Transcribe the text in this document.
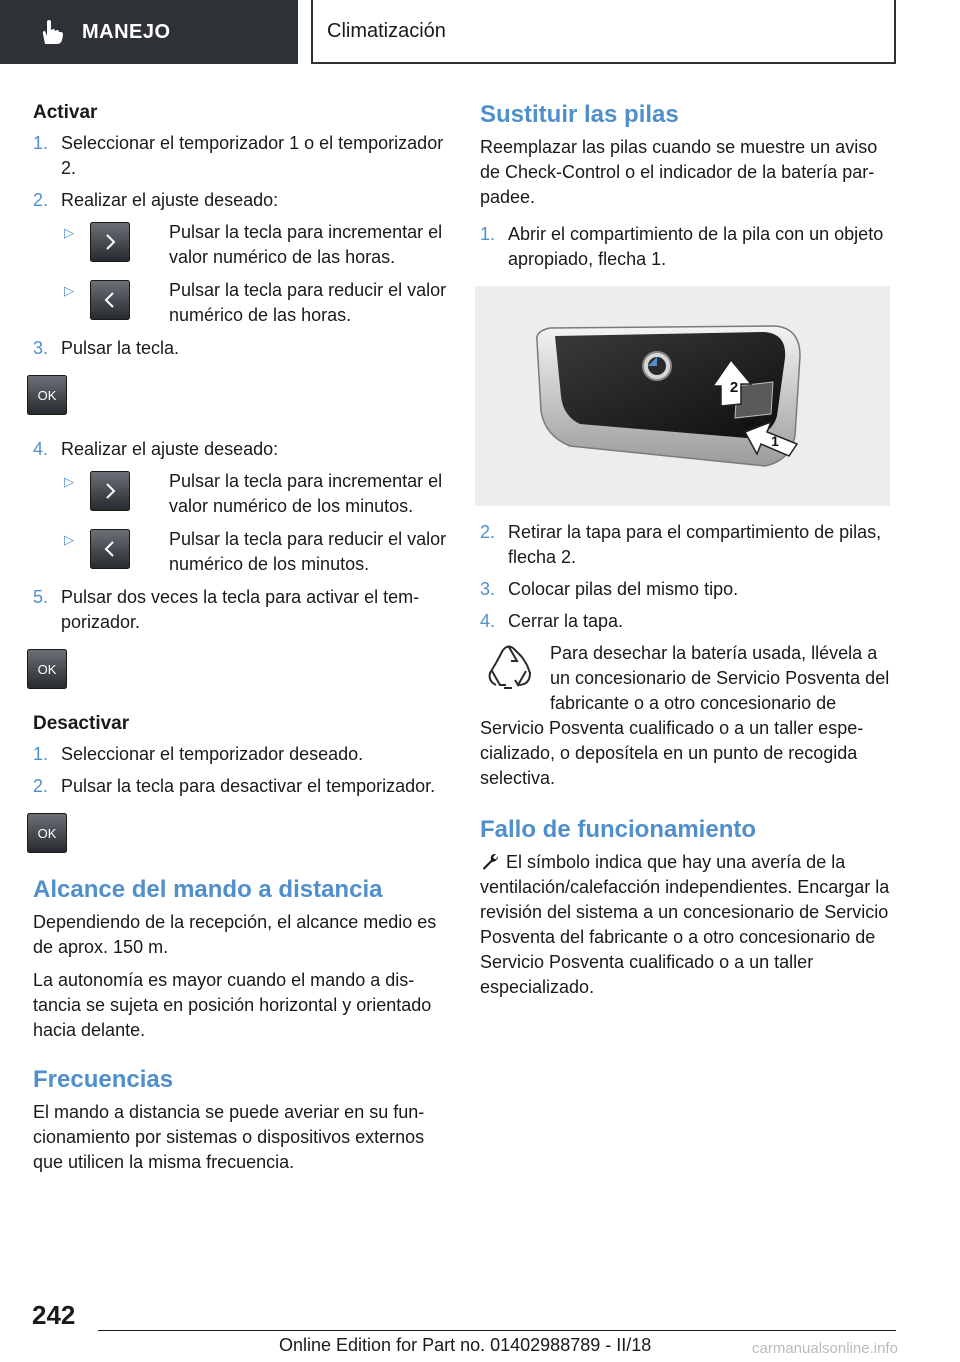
MANEJO	Climatización
Activar
1. Seleccionar el temporizador 1 o el temporizador 2.
2. Realizar el ajuste deseado:
▷	Pulsar la tecla para incrementar el valor numérico de las horas.
▷	Pulsar la tecla para reducir el valor numérico de las horas.
3. Pulsar la tecla.
OK
4. Realizar el ajuste deseado:
▷	Pulsar la tecla para incrementar el valor numérico de los minutos.
▷	Pulsar la tecla para reducir el valor numérico de los minutos.
5. Pulsar dos veces la tecla para activar el temporizador.
OK
Desactivar
1. Seleccionar el temporizador deseado.
2. Pulsar la tecla para desactivar el temporizador.
OK
Alcance del mando a distancia
Dependiendo de la recepción, el alcance medio es de aprox. 150 m.
La autonomía es mayor cuando el mando a distancia se sujeta en posición horizontal y orientado hacia delante.
Frecuencias
El mando a distancia se puede averiar en su funcionamiento por sistemas o dispositivos externos que utilicen la misma frecuencia.
Sustituir las pilas
Reemplazar las pilas cuando se muestre un aviso de Check-Control o el indicador de la batería parpadee.
1. Abrir el compartimiento de la pila con un objeto apropiado, flecha 1.
2
1
2. Retirar la tapa para el compartimiento de pilas, flecha 2.
3. Colocar pilas del mismo tipo.
4. Cerrar la tapa.
Para desechar la batería usada, llévela a un concesionario de Servicio Posventa del fabricante o a otro concesionario de Servicio Posventa cualificado o a un taller especializado, o deposítela en un punto de recogida selectiva.
Fallo de funcionamiento
El símbolo indica que hay una avería de la ventilación/calefacción independientes. Encargar la revisión del sistema a un concesionario de Servicio Posventa del fabricante o a otro concesionario de Servicio Posventa cualificado o a un taller especializado.
242
Online Edition for Part no. 01402988789 - II/18	carmanualsonline.info
